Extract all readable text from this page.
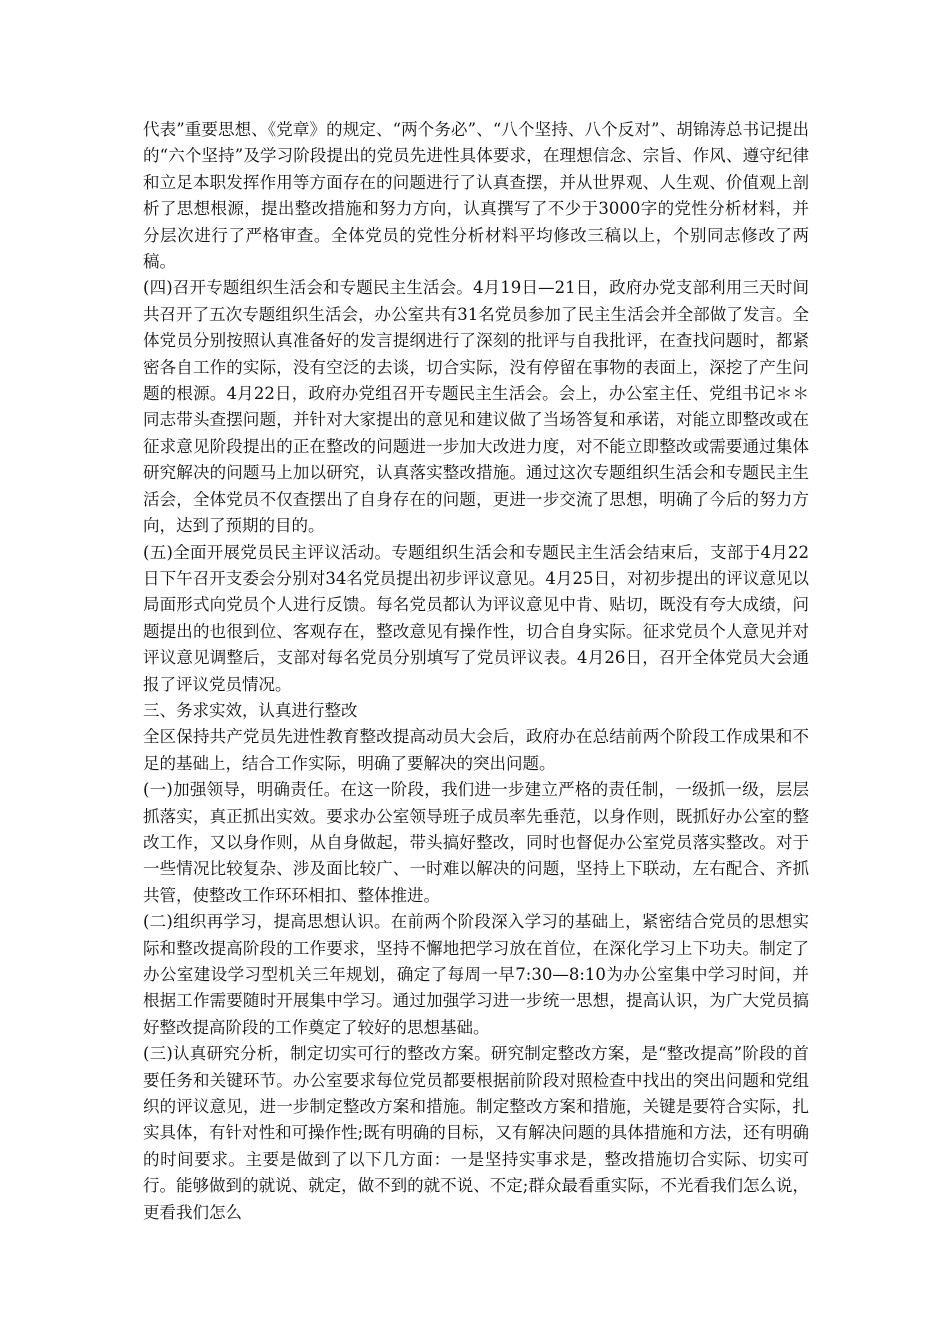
代表”重要思想、《党章》的规定、“两个务必”、“八个坚持、八个反对”、胡锦涛总书记提出的“六个坚持”及学习阶段提出的党员先进性具体要求，在理想信念、宗旨、作风、遵守纪律和立足本职发挥作用等方面存在的问题进行了认真查摆，并从世界观、人生观、价值观上剖析了思想根源，提出整改措施和努力方向，认真撰写了不少于3000字的党性分析材料，并分层次进行了严格审查。全体党员的党性分析材料平均修改三稿以上，个别同志修改了两稿。

(四)召开专题组织生活会和专题民主生活会。4月19日—21日，政府办党支部利用三天时间共召开了五次专题组织生活会，办公室共有31名党员参加了民主生活会并全部做了发言。全体党员分别按照认真准备好的发言提纲进行了深刻的批评与自我批评，在查找问题时，都紧密各自工作的实际，没有空泛的去谈，切合实际，没有停留在事物的表面上，深挖了产生问题的根源。4月22日，政府办党组召开专题民主生活会。会上，办公室主任、党组书记＊＊同志带头查摆问题，并针对大家提出的意见和建议做了当场答复和承诺，对能立即整改或在征求意见阶段提出的正在整改的问题进一步加大改进力度，对不能立即整改或需要通过集体研究解决的问题马上加以研究，认真落实整改措施。通过这次专题组织生活会和专题民主生活会，全体党员不仅查摆出了自身存在的问题，更进一步交流了思想，明确了今后的努力方向，达到了预期的目的。

(五)全面开展党员民主评议活动。专题组织生活会和专题民主生活会结束后，支部于4月22日下午召开支委会分别对34名党员提出初步评议意见。4月25日，对初步提出的评议意见以局面形式向党员个人进行反馈。每名党员都认为评议意见中肯、贴切，既没有夸大成绩，问题提出的也很到位、客观存在，整改意见有操作性，切合自身实际。征求党员个人意见并对评议意见调整后，支部对每名党员分别填写了党员评议表。4月26日，召开全体党员大会通报了评议党员情况。

三、务求实效，认真进行整改

全区保持共产党员先进性教育整改提高动员大会后，政府办在总结前两个阶段工作成果和不足的基础上，结合工作实际，明确了要解决的突出问题。

(一)加强领导，明确责任。在这一阶段，我们进一步建立严格的责任制，一级抓一级，层层抓落实，真正抓出实效。要求办公室领导班子成员率先垂范，以身作则，既抓好办公室的整改工作，又以身作则，从自身做起，带头搞好整改，同时也督促办公室党员落实整改。对于一些情况比较复杂、涉及面比较广、一时难以解决的问题，坚持上下联动，左右配合、齐抓共管，使整改工作环环相扣、整体推进。

(二)组织再学习，提高思想认识。在前两个阶段深入学习的基础上，紧密结合党员的思想实际和整改提高阶段的工作要求，坚持不懈地把学习放在首位，在深化学习上下功夫。制定了办公室建设学习型机关三年规划，确定了每周一早7:30—8:10为办公室集中学习时间，并根据工作需要随时开展集中学习。通过加强学习进一步统一思想，提高认识，为广大党员搞好整改提高阶段的工作奠定了较好的思想基础。

(三)认真研究分析，制定切实可行的整改方案。研究制定整改方案，是“整改提高”阶段的首要任务和关键环节。办公室要求每位党员都要根据前阶段对照检查中找出的突出问题和党组织的评议意见，进一步制定整改方案和措施。制定整改方案和措施，关键是要符合实际，扎实具体，有针对性和可操作性;既有明确的目标，又有解决问题的具体措施和方法，还有明确的时间要求。主要是做到了以下几方面：一是坚持实事求是，整改措施切合实际、切实可行。能够做到的就说、就定，做不到的就不说、不定;群众最看重实际，不光看我们怎么说，更看我们怎么
